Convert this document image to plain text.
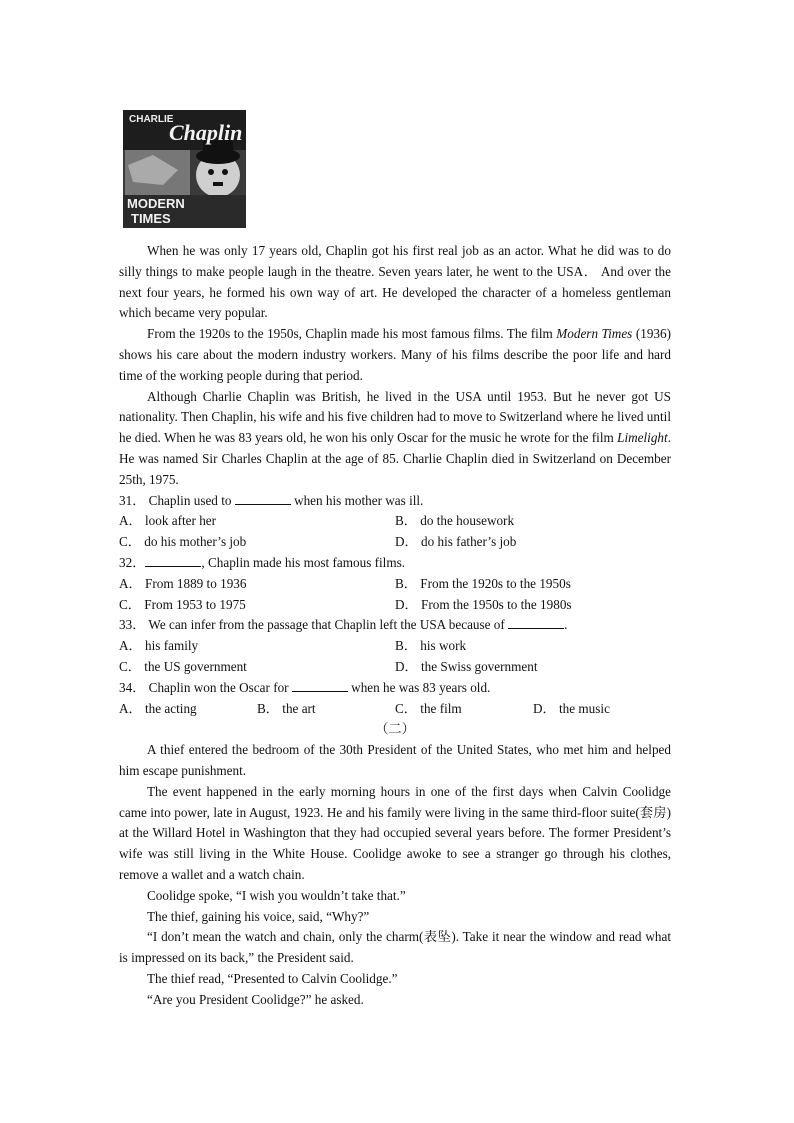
CHARLIE
Chaplin
MODERN
TIMES

When he was only 17 years old, Chaplin got his first real job as an actor. What he did was to do silly things to make people laugh in the theatre. Seven years later, he went to the USA． And over the next four years, he formed his own way of art. He developed the character of a homeless gentleman which became very popular.

From the 1920s to the 1950s, Chaplin made his most famous films. The film Modern Times (1936) shows his care about the modern industry workers. Many of his films describe the poor life and hard time of the working people during that period.

Although Charlie Chaplin was British, he lived in the USA until 1953. But he never got US nationality. Then Chaplin, his wife and his five children had to move to Switzerland where he lived until he died. When he was 83 years old, he won his only Oscar for the music he wrote for the film Limelight. He was named Sir Charles Chaplin at the age of 85. Charlie Chaplin died in Switzerland on December 25th, 1975.

31． Chaplin used to	when his mother was ill.
A． look after her	B． do the housework
C． do his mother’s job	D． do his father’s job
32．	, Chaplin made his most famous films.
A． From 1889 to 1936	B． From the 1920s to the 1950s
C． From 1953 to 1975	D． From the 1950s to the 1980s
33． We can infer from the passage that Chaplin left the USA because of	.
A． his family	B． his work
C． the US government	D． the Swiss government
34． Chaplin won the Oscar for	when he was 83 years old.
A． the acting	B． the art	C． the film	D． the music
（二）

A thief entered the bedroom of the 30th President of the United States, who met him and helped him escape punishment.

The event happened in the early morning hours in one of the first days when Calvin Coolidge came into power, late in August, 1923. He and his family were living in the same third-floor suite(套房) at the Willard Hotel in Washington that they had occupied several years before. The former President’s wife was still living in the White House. Coolidge awoke to see a stranger go through his clothes, remove a wallet and a watch chain.

Coolidge spoke, “I wish you wouldn’t take that.”

The thief, gaining his voice, said, “Why?”

“I don’t mean the watch and chain, only the charm(表坠). Take it near the window and read what is impressed on its back,” the President said.

The thief read, “Presented to Calvin Coolidge.”

“Are you President Coolidge?” he asked.
